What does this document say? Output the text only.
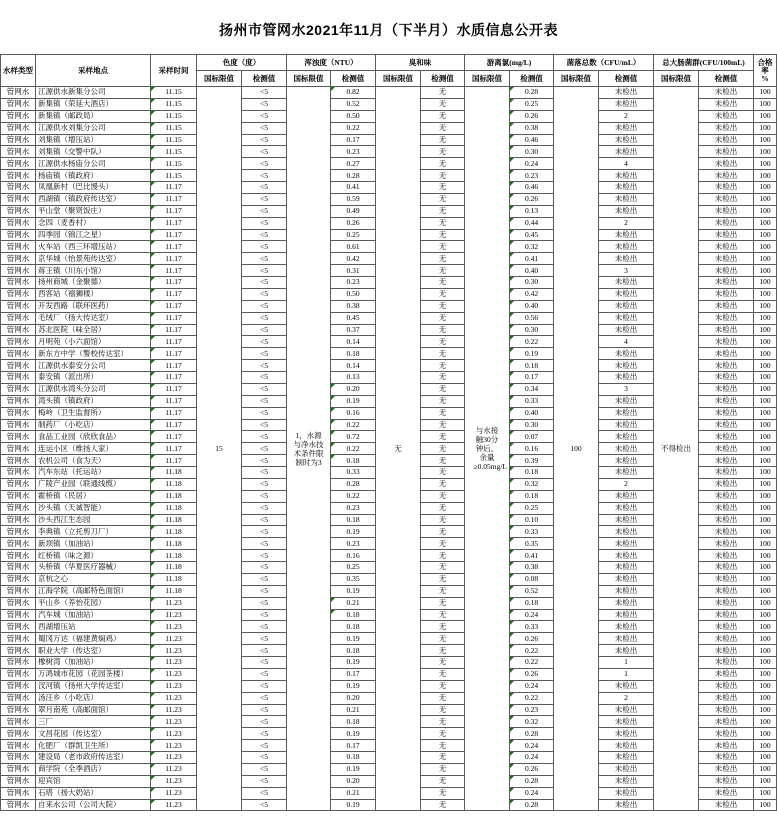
扬州市管网水2021年11月（下半月）水质信息公开表
水样类型	采样地点	采样时间	色度（度）		浑浊度（NTU）		臭和味		游离氯(mg/L)		菌落总数（CFU/mL）		总大肠菌群(CFU/100mL)		合格率
%
			国标限值	检测值	国标限值	检测值	国标限值	检测值	国标限值	检测值	国标限值	检测值	国标限值	检测值	
管网水	江源供水新集分公司	11.15	15	<5	1，水源与净水技术条件限制时为3	0.82	无	无	与水接触30分钟后，余量≥0.05mg/L	0.28	100	未检出	不得检出	未检出	100
管网水	新集镇（荣延大酒店）	11.15		<5		0.52		无		0.25		未检出		未检出	100
管网水	新集镇（邮政局）	11.15		<5		0.50		无		0.26		2		未检出	100
管网水	江源供水刘集分公司	11.15		<5		0.22		无		0.38		未检出		未检出	100
管网水	刘集镇（增压站）	11.15		<5		0.17		无		0.46		未检出		未检出	100
管网水	刘集镇（交警中队）	11.15		<5		0.23		无		0.30		未检出		未检出	100
管网水	江源供水杨庙分公司	11.15		<5		0.27		无		0.24		4		未检出	100
管网水	杨庙镇（镇政府）	11.15		<5		0.28		无		0.23		未检出		未检出	100
管网水	凤凰新村（巴比馒头）	11.17		<5		0.41		无		0.46		未检出		未检出	100
管网水	西湖镇（镇政府传达室）	11.17		<5		0.59		无		0.26		未检出		未检出	100
管网水	平山堂（聚贤饭庄）	11.17		<5		0.49		无		0.13		未检出		未检出	100
管网水	念四（麦香村）	11.17		<5		0.26		无		0.44		2		未检出	100
管网水	四季园（锦江之星）	11.17		<5		0.25		无		0.45		未检出		未检出	100
管网水	火车站（西三环增压站）	11.17		<5		0.61		无		0.32		未检出		未检出	100
管网水	京华城（怡景苑传达室）	11.17		<5		0.42		无		0.41		未检出		未检出	100
管网水	蒋王镇（川东小馆）	11.17		<5		0.31		无		0.40		3		未检出	100
管网水	扬州商城（金聚德）	11.17		<5		0.23		无		0.30		未检出		未检出	100
管网水	西客站（禧狮楼）	11.17		<5		0.50		无		0.42		未检出		未检出	100
管网水	开发西路（联环医药）	11.17		<5		0.38		无		0.40		未检出		未检出	100
管网水	毛绒厂（扬大传达室）	11.17		<5		0.45		无		0.56		未检出		未检出	100
管网水	苏北医院（味全居）	11.17		<5		0.37		无		0.30		未检出		未检出	100
管网水	月明苑（小六面馆）	11.17		<5		0.14		无		0.22		4		未检出	100
管网水	新东方中学（警校传达室）	11.17		<5		0.18		无		0.19		未检出		未检出	100
管网水	江源供水泰安分公司	11.17		<5		0.14		无		0.18		未检出		未检出	100
管网水	泰安镇（派出所）	11.17		<5		0.13		无		0.17		未检出		未检出	100
管网水	江源供水湾头分公司	11.17		<5		0.20		无		0.34		3		未检出	100
管网水	湾头镇（镇政府）	11.17		<5		0.19		无		0.33		未检出		未检出	100
管网水	梅岭（卫生监督所）	11.17		<5		0.16		无		0.40		未检出		未检出	100
管网水	制药厂（小吃店）	11.17		<5		0.22		无		0.30		未检出		未检出	100
管网水	食品工业园（欣欣食品）	11.17		<5		0.72		无		0.07		未检出		未检出	100
管网水	连运小区（维扬人家）	11.17		<5		0.22		无		0.16		未检出		未检出	100
管网水	农机公司（食为天）	11.17		<5		0.18		无		0.39		未检出		未检出	100
管网水	汽车东站（托运站）	11.18		<5		0.33		无		0.18		未检出		未检出	100
管网水	广陵产业园（联通线缆）	11.18		<5		0.28		无		0.32		2		未检出	100
管网水	霍桥镇（民居）	11.18		<5		0.22		无		0.18		未检出		未检出	100
管网水	沙头镇（天诚智能）	11.18		<5		0.23		无		0.25		未检出		未检出	100
管网水	沙头西江生态园	11.18		<5		0.18		无		0.10		未检出		未检出	100
管网水	李典镇（立托剪刀厂）	11.18		<5		0.19		无		0.33		未检出		未检出	100
管网水	新坝镇（加油站）	11.18		<5		0.23		无		0.35		未检出		未检出	100
管网水	红桥镇（味之源）	11.18		<5		0.16		无		0.41		未检出		未检出	100
管网水	头桥镇（华夏医疗器械）	11.18		<5		0.25		无		0.38		未检出		未检出	100
管网水	京杭之心	11.18		<5		0.35		无		0.08		未检出		未检出	100
管网水	江海学院（高邮特色面馆）	11.18		<5		0.19		无		0.52		未检出		未检出	100
管网水	平山乡（养怡花园）	11.23		<5		0.21		无		0.18		未检出		未检出	100
管网水	汽车城（加油站）	11.23		<5		0.18		无		0.24		未检出		未检出	100
管网水	西湖增压站	11.23		<5		0.18		无		0.33		未检出		未检出	100
管网水	蜀冈万达（福建黄焖鸡）	11.23		<5		0.19		无		0.26		未检出		未检出	100
管网水	职业大学（传达室）	11.23		<5		0.18		无		0.22		未检出		未检出	100
管网水	橡树湾（加油站）	11.23		<5		0.19		无		0.22		1		未检出	100
管网水	万鸿城市花园（花园茶楼）	11.23		<5		0.17		无		0.26		1		未检出	100
管网水	汊河镇（扬州大学传达室）	11.23		<5		0.19		无		0.24		未检出		未检出	100
管网水	汤汪乡（小吃店）	11.23		<5		0.20		无		0.22		2		未检出	100
管网水	翠月南苑（高邮面馆）	11.23		<5		0.21		无		0.23		未检出		未检出	100
管网水	三厂	11.23		<5		0.18		无		0.32		未检出		未检出	100
管网水	文昌花园（传达室）	11.23		<5		0.19		无		0.28		未检出		未检出	100
管网水	化肥厂（群凯卫生所）	11.23		<5		0.17		无		0.24		未检出		未检出	100
管网水	建设局（老市政府传达室）	11.23		<5		0.18		无		0.24		未检出		未检出	100
管网水	商学院（全季酒店）	11.23		<5		0.19		无		0.26		未检出		未检出	100
管网水	迎宾馆	11.23		<5		0.20		无		0.28		未检出		未检出	100
管网水	石塔（扬大奶站）	11.23		<5		0.21		无		0.24		未检出		未检出	100
管网水	自来水公司（公司大院）	11.23		<5		0.19		无		0.28		未检出		未检出	100
